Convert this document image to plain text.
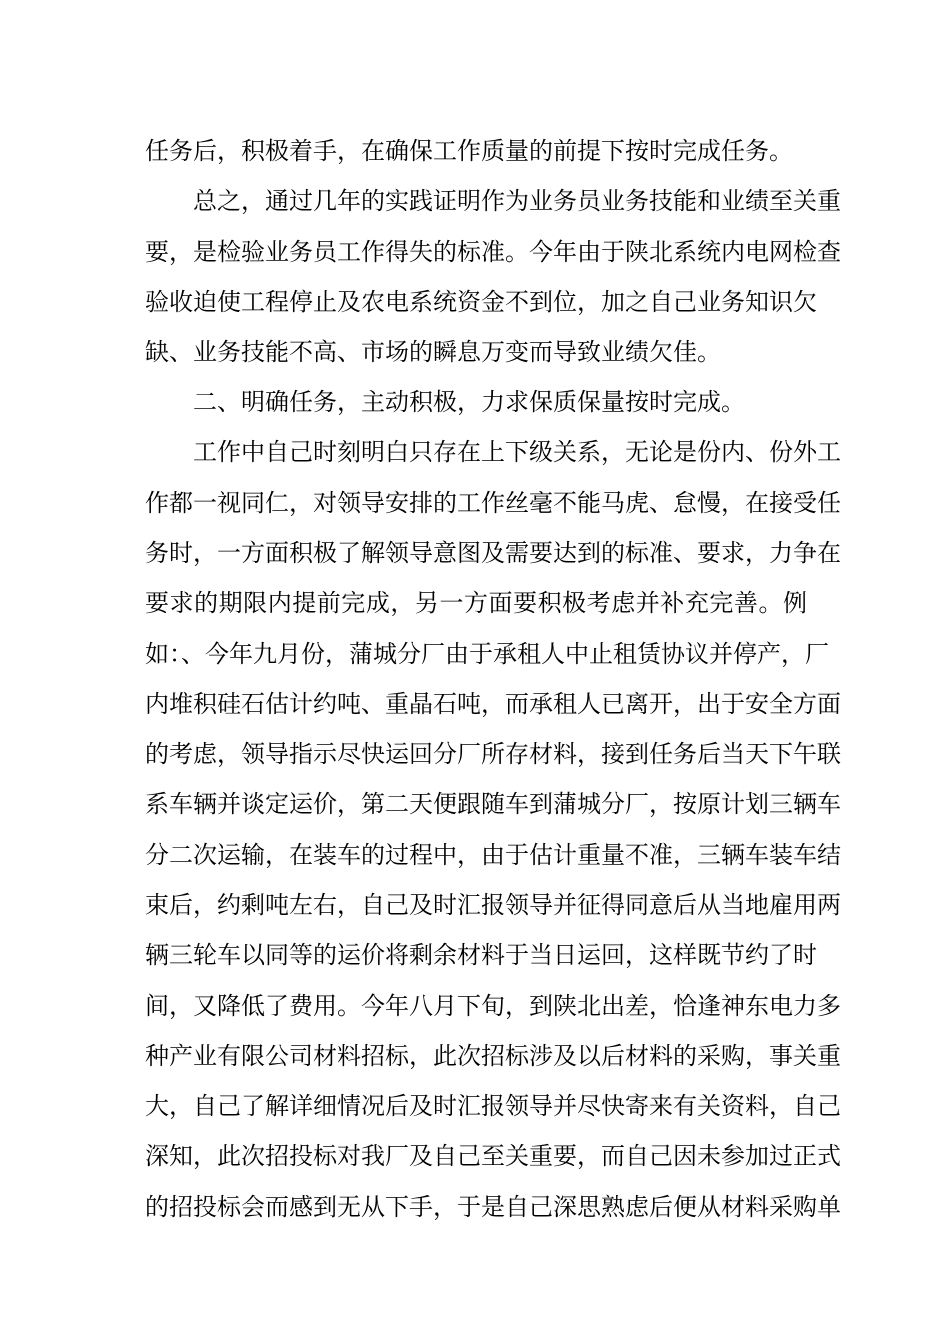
任务后，积极着手，在确保工作质量的前提下按时完成任务。
总之，通过几年的实践证明作为业务员业务技能和业绩至关重
要，是检验业务员工作得失的标准。今年由于陕北系统内电网检查
验收迫使工程停止及农电系统资金不到位，加之自己业务知识欠
缺、业务技能不高、市场的瞬息万变而导致业绩欠佳。
二、明确任务，主动积极，力求保质保量按时完成。
工作中自己时刻明白只存在上下级关系，无论是份内、份外工
作都一视同仁，对领导安排的工作丝毫不能马虎、怠慢，在接受任
务时，一方面积极了解领导意图及需要达到的标准、要求，力争在
要求的期限内提前完成，另一方面要积极考虑并补充完善。例
如：、今年九月份，蒲城分厂由于承租人中止租赁协议并停产，厂
内堆积硅石估计约吨、重晶石吨，而承租人已离开，出于安全方面
的考虑，领导指示尽快运回分厂所存材料，接到任务后当天下午联
系车辆并谈定运价，第二天便跟随车到蒲城分厂，按原计划三辆车
分二次运输，在装车的过程中，由于估计重量不准，三辆车装车结
束后，约剩吨左右，自己及时汇报领导并征得同意后从当地雇用两
辆三轮车以同等的运价将剩余材料于当日运回，这样既节约了时
间，又降低了费用。今年八月下旬，到陕北出差，恰逢神东电力多
种产业有限公司材料招标，此次招标涉及以后材料的采购，事关重
大，自己了解详细情况后及时汇报领导并尽快寄来有关资料，自己
深知，此次招投标对我厂及自己至关重要，而自己因未参加过正式
的招投标会而感到无从下手，于是自己深思熟虑后便从材料采购单
